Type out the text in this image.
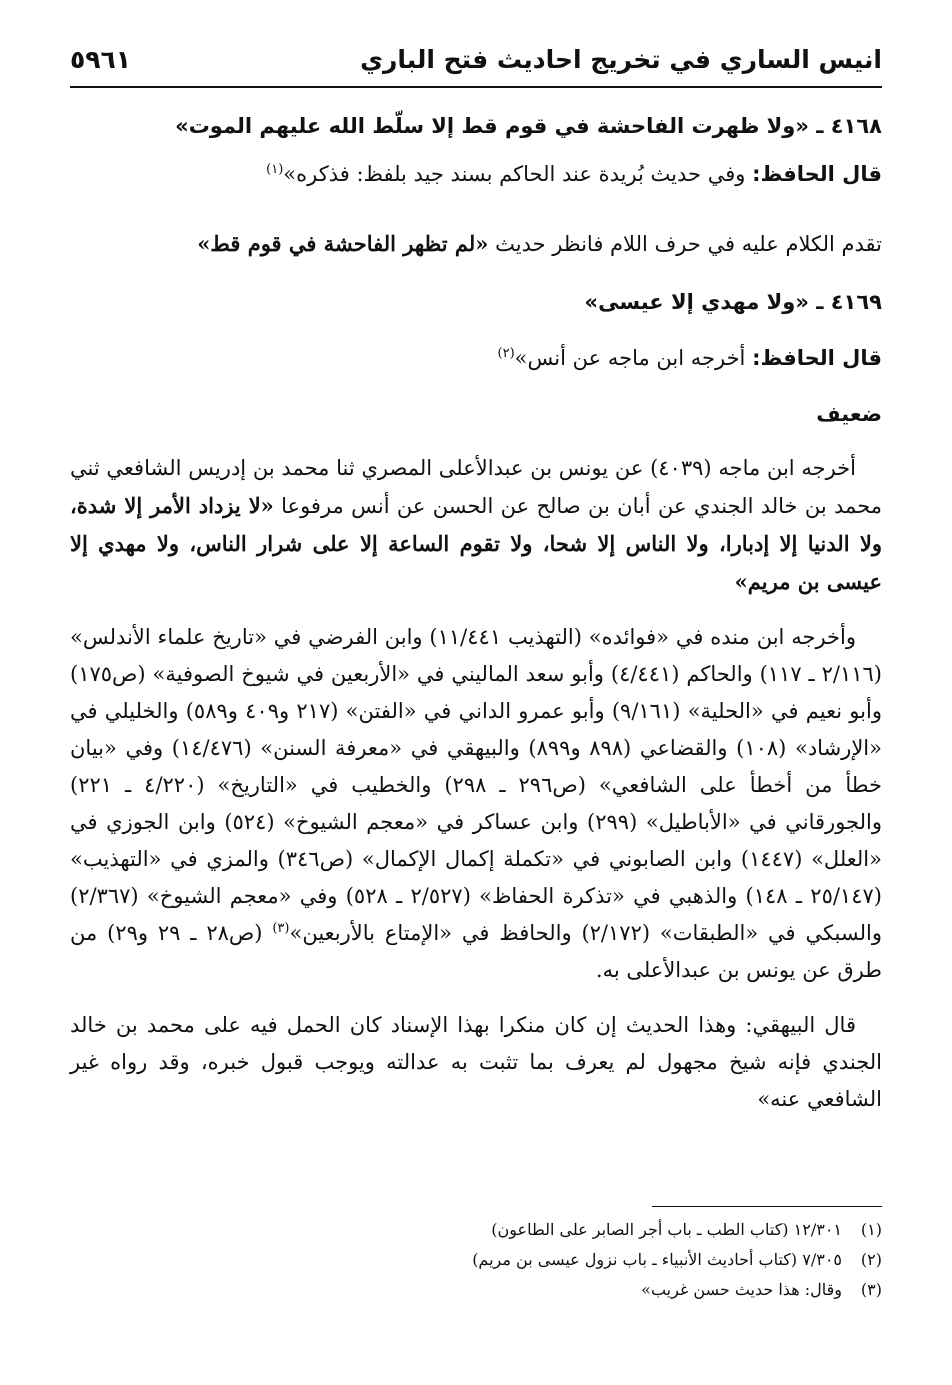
انيس الساري في تخريج احاديث فتح الباري
٥٩٦١

٤١٦٨ ـ «ولا ظهرت الفاحشة في قوم قط إلا سلّط الله عليهم الموت»

قال الحافظ: وفي حديث بُريدة عند الحاكم بسند جيد بلفظ: فذكره»$^{(١)}$

تقدم الكلام عليه في حرف اللام فانظر حديث «لم تظهر الفاحشة في قوم قط»

٤١٦٩ ـ «ولا مهدي إلا عيسى»

قال الحافظ: أخرجه ابن ماجه عن أنس»$^{(٢)}$

ضعيف

أخرجه ابن ماجه (٤٠٣٩) عن يونس بن عبدالأعلى المصري ثنا محمد بن إدريس الشافعي ثني محمد بن خالد الجندي عن أبان بن صالح عن الحسن عن أنس مرفوعا «لا يزداد الأمر إلا شدة، ولا الدنيا إلا إدبارا، ولا الناس إلا شحا، ولا تقوم الساعة إلا على شرار الناس، ولا مهدي إلا عيسى بن مريم»

وأخرجه ابن منده في «فوائده» (التهذيب ١١/٤٤١) وابن الفرضي في «تاريخ علماء الأندلس» (٢/١١٦ ـ ١١٧) والحاكم (٤/٤٤١) وأبو سعد الماليني في «الأربعين في شيوخ الصوفية» (ص١٧٥) وأبو نعيم في «الحلية» (٩/١٦١) وأبو عمرو الداني في «الفتن» (٢١٧ و٤٠٩ و٥٨٩) والخليلي في «الإرشاد» (١٠٨) والقضاعي (٨٩٨ و٨٩٩) والبيهقي في «معرفة السنن» (١٤/٤٧٦) وفي «بيان خطأ من أخطأ على الشافعي» (ص٢٩٦ ـ ٢٩٨) والخطيب في «التاريخ» (٤/٢٢٠ ـ ٢٢١) والجورقاني في «الأباطيل» (٢٩٩) وابن عساكر في «معجم الشيوخ» (٥٢٤) وابن الجوزي في «العلل» (١٤٤٧) وابن الصابوني في «تكملة إكمال الإكمال» (ص٣٤٦) والمزي في «التهذيب» (٢٥/١٤٧ ـ ١٤٨) والذهبي في «تذكرة الحفاظ» (٢/٥٢٧ ـ ٥٢٨) وفي «معجم الشيوخ» (٢/٣٦٧) والسبكي في «الطبقات» (٢/١٧٢) والحافظ في «الإمتاع بالأربعين»$^{(٣)}$ (ص٢٨ ـ ٢٩ و٢٩) من طرق عن يونس بن عبدالأعلى به.

قال البيهقي: وهذا الحديث إن كان منكرا بهذا الإسناد كان الحمل فيه على محمد بن خالد الجندي فإنه شيخ مجهول لم يعرف بما تثبت به عدالته ويوجب قبول خبره، وقد رواه غير الشافعي عنه»

(١)
١٢/٣٠١ (كتاب الطب ـ باب أجر الصابر على الطاعون)
(٢)
٧/٣٠٥ (كتاب أحاديث الأنبياء ـ باب نزول عيسى بن مريم)
(٣)
وقال: هذا حديث حسن غريب»
